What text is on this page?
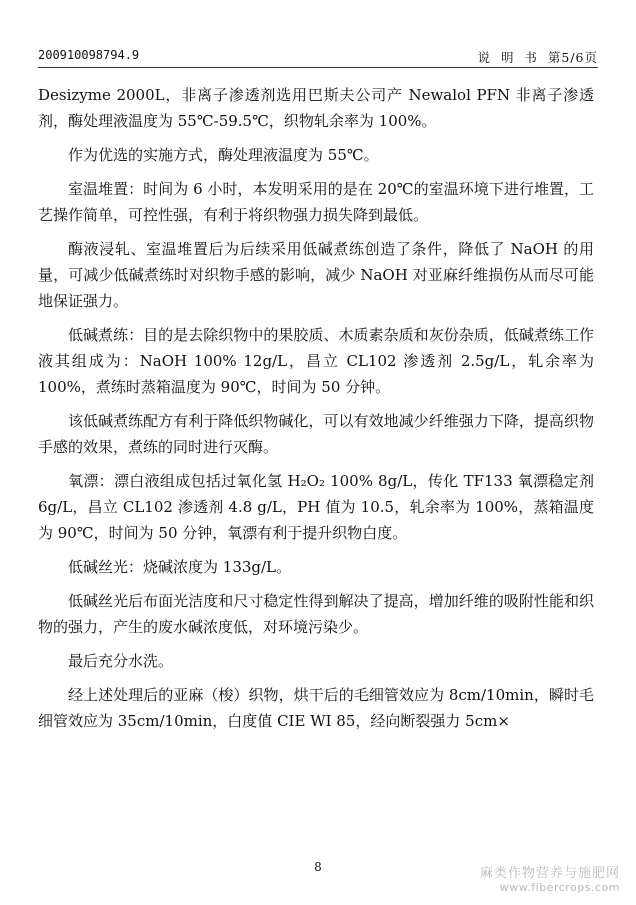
200910098794.9	说  明  书 第5/6页

Desizyme 2000L，非离子渗透剂选用巴斯夫公司产 Newalol PFN 非离子渗透剂，酶处理液温度为 55℃-59.5℃，织物轧余率为 100%。

作为优选的实施方式，酶处理液温度为 55℃。

室温堆置：时间为 6 小时，本发明采用的是在 20℃的室温环境下进行堆置，工艺操作简单，可控性强，有利于将织物强力损失降到最低。

酶液浸轧、室温堆置后为后续采用低碱煮练创造了条件，降低了 NaOH 的用量，可减少低碱煮练时对织物手感的影响，减少 NaOH 对亚麻纤维损伤从而尽可能地保证强力。

低碱煮练：目的是去除织物中的果胶质、木质素杂质和灰份杂质，低碱煮练工作液其组成为：NaOH 100% 12g/L，昌立 CL102 渗透剂 2.5g/L，轧余率为 100%，煮练时蒸箱温度为 90℃，时间为 50 分钟。

该低碱煮练配方有利于降低织物碱化，可以有效地减少纤维强力下降，提高织物手感的效果，煮练的同时进行灭酶。

氧漂：漂白液组成包括过氧化氢 H₂O₂ 100% 8g/L，传化 TF133 氧漂稳定剂 6g/L，昌立 CL102 渗透剂 4.8 g/L，PH 值为 10.5，轧余率为 100%，蒸箱温度为 90℃，时间为 50 分钟，氧漂有利于提升织物白度。

低碱丝光：烧碱浓度为 133g/L。

低碱丝光后布面光洁度和尺寸稳定性得到解决了提高，增加纤维的吸附性能和织物的强力，产生的废水碱浓度低，对环境污染少。

最后充分水洗。

经上述处理后的亚麻（梭）织物，烘干后的毛细管效应为 8cm/10min，瞬时毛细管效应为 35cm/10min，白度值 CIE WI 85，经向断裂强力 5cm×

8	麻类作物营养与施肥网
www.fibercrops.com
